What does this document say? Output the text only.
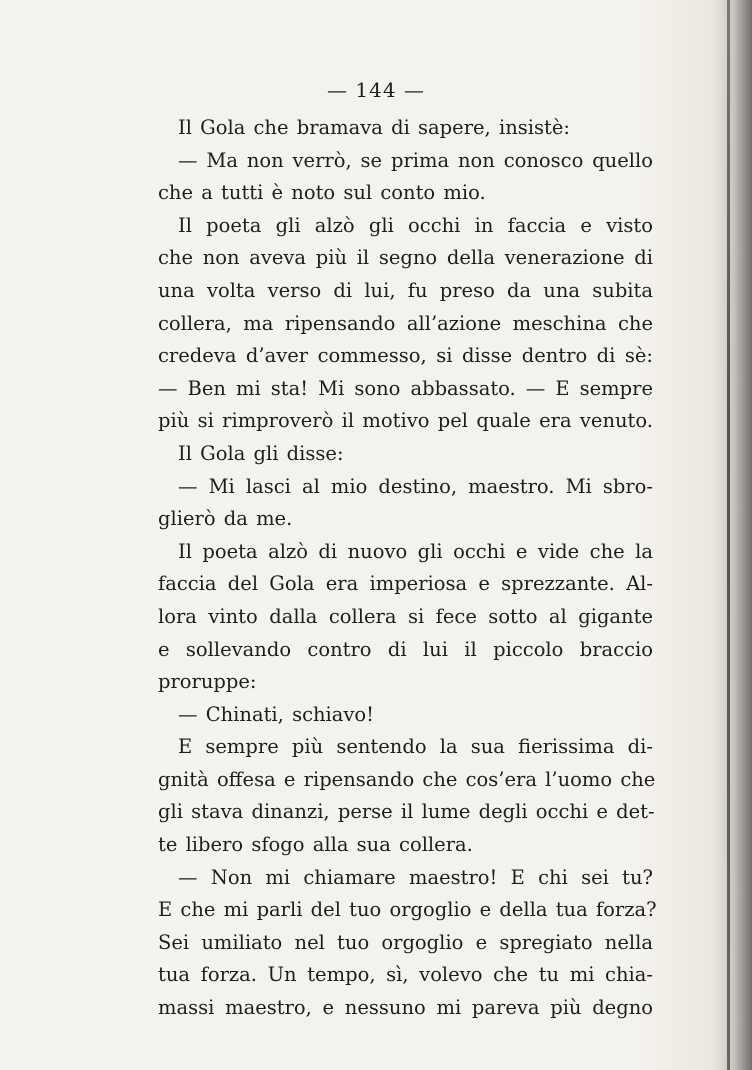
— 144 —
Il Gola che bramava di sapere, insistè:
— Ma non verrò, se prima non conosco quello
che a tutti è noto sul conto mio.
Il poeta gli alzò gli occhi in faccia e visto
che non aveva più il segno della venerazione di
una volta verso di lui, fu preso da una subita
collera, ma ripensando all’azione meschina che
credeva d’aver commesso, si disse dentro di sè:
— Ben mi sta! Mi sono abbassato. — E sempre
più si rimproverò il motivo pel quale era venuto.
Il Gola gli disse:
— Mi lasci al mio destino, maestro. Mi sbro-
glierò da me.
Il poeta alzò di nuovo gli occhi e vide che la
faccia del Gola era imperiosa e sprezzante. Al-
lora vinto dalla collera si fece sotto al gigante
e sollevando contro di lui il piccolo braccio
proruppe:
— Chinati, schiavo!
E sempre più sentendo la sua fierissima di-
gnità offesa e ripensando che cos’era l’uomo che
gli stava dinanzi, perse il lume degli occhi e det-
te libero sfogo alla sua collera.
— Non mi chiamare maestro! E chi sei tu?
E che mi parli del tuo orgoglio e della tua forza?
Sei umiliato nel tuo orgoglio e spregiato nella
tua forza. Un tempo, sì, volevo che tu mi chia-
massi maestro, e nessuno mi pareva più degno
